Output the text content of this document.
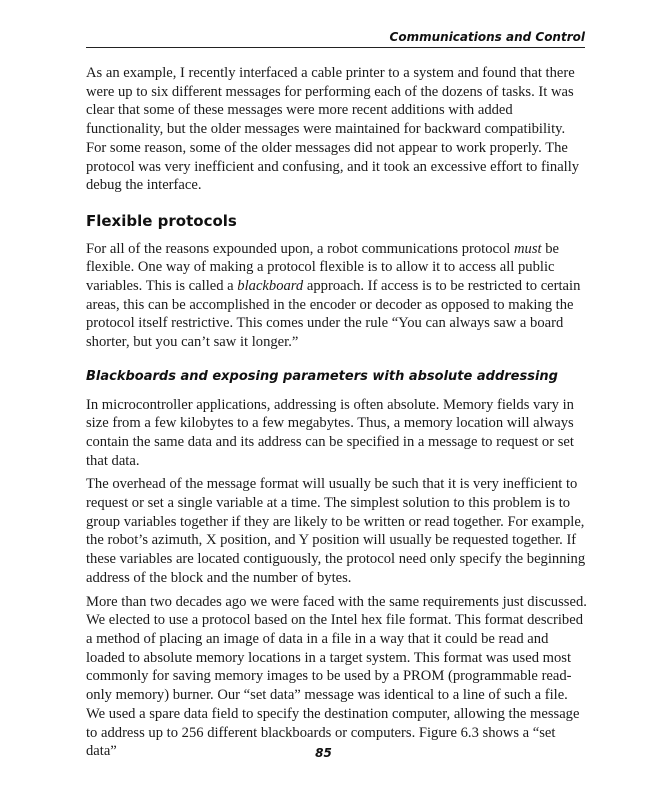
Communications and Control

As an example, I recently interfaced a cable printer to a system and found that there were up to six different messages for performing each of the dozens of tasks. It was clear that some of these messages were more recent additions with added functionality, but the older messages were maintained for backward compatibility. For some reason, some of the older messages did not appear to work properly. The protocol was very inefficient and confusing, and it took an excessive effort to finally debug the interface.

Flexible protocols

For all of the reasons expounded upon, a robot communications protocol must be flexible. One way of making a protocol flexible is to allow it to access all public variables. This is called a blackboard approach. If access is to be restricted to certain areas, this can be accomplished in the encoder or decoder as opposed to making the protocol itself restrictive. This comes under the rule “You can always saw a board shorter, but you can’t saw it longer.”

Blackboards and exposing parameters with absolute addressing

In microcontroller applications, addressing is often absolute. Memory fields vary in size from a few kilobytes to a few megabytes. Thus, a memory location will always contain the same data and its address can be specified in a message to request or set that data.

The overhead of the message format will usually be such that it is very inefficient to request or set a single variable at a time. The simplest solution to this problem is to group variables together if they are likely to be written or read together. For example, the robot’s azimuth, X position, and Y position will usually be requested together. If these variables are located contiguously, the protocol need only specify the beginning address of the block and the number of bytes.

More than two decades ago we were faced with the same requirements just discussed. We elected to use a protocol based on the Intel hex file format. This format described a method of placing an image of data in a file in a way that it could be read and loaded to absolute memory locations in a target system. This format was used most commonly for saving memory images to be used by a PROM (programmable read-only memory) burner. Our “set data” message was identical to a line of such a file. We used a spare data field to specify the destination computer, allowing the message to address up to 256 different blackboards or computers. Figure 6.3 shows a “set data”	85
